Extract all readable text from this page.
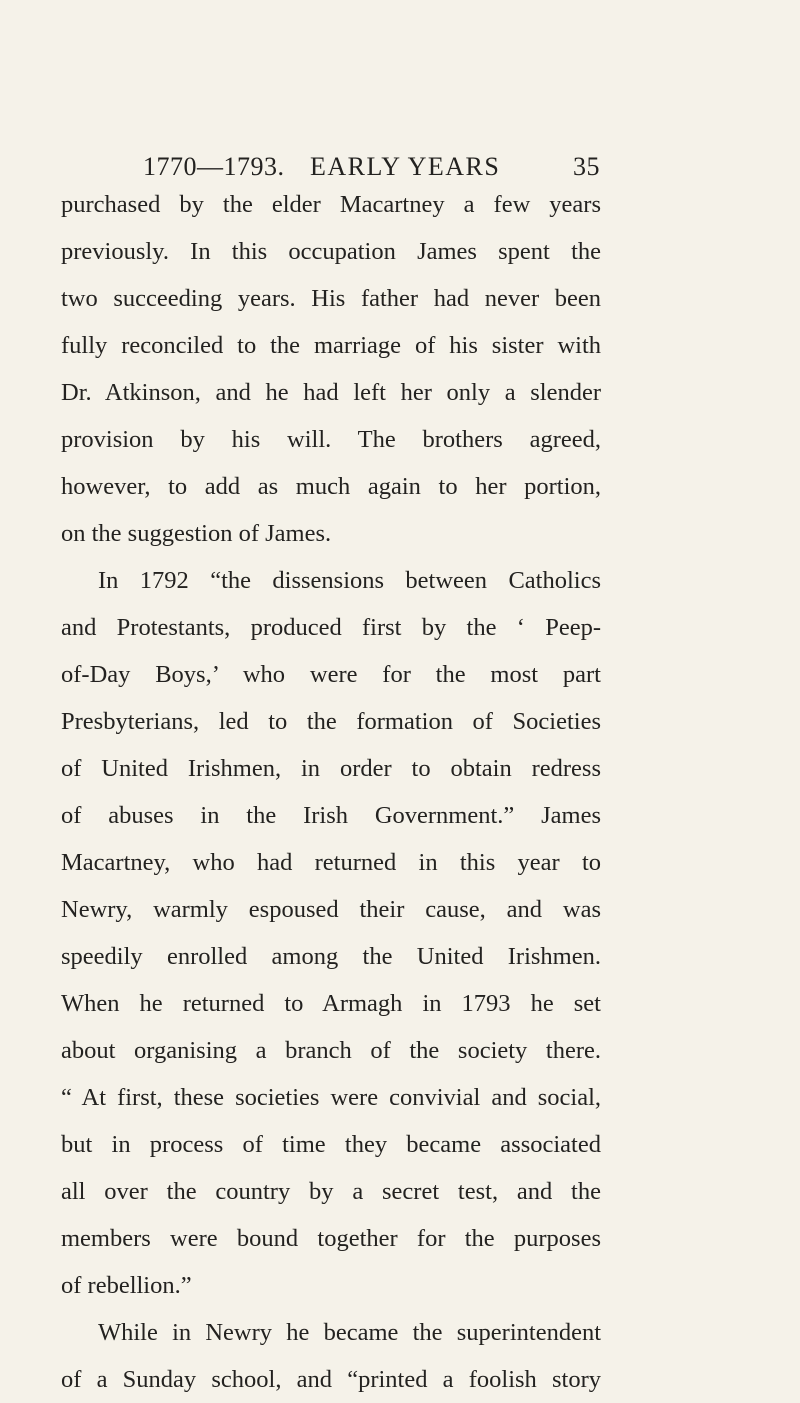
1770—1793. EARLY YEARS	35
purchased by the elder Macartney a few years
previously. In this occupation James spent the
two succeeding years. His father had never been
fully reconciled to the marriage of his sister with
Dr. Atkinson, and he had left her only a slender
provision by his will. The brothers agreed,
however, to add as much again to her portion,
on the suggestion of James.
In 1792 “the dissensions between Catholics
and Protestants, produced first by the ‘ Peep-
of-Day Boys,’ who were for the most part
Presbyterians, led to the formation of Societies
of United Irishmen, in order to obtain redress
of abuses in the Irish Government.” James
Macartney, who had returned in this year to
Newry, warmly espoused their cause, and was
speedily enrolled among the United Irishmen.
When he returned to Armagh in 1793 he set
about organising a branch of the society there.
“ At first, these societies were convivial and social,
but in process of time they became associated
all over the country by a secret test, and the
members were bound together for the purposes
of rebellion.”
While in Newry he became the superintendent
of a Sunday school, and “printed a foolish story
